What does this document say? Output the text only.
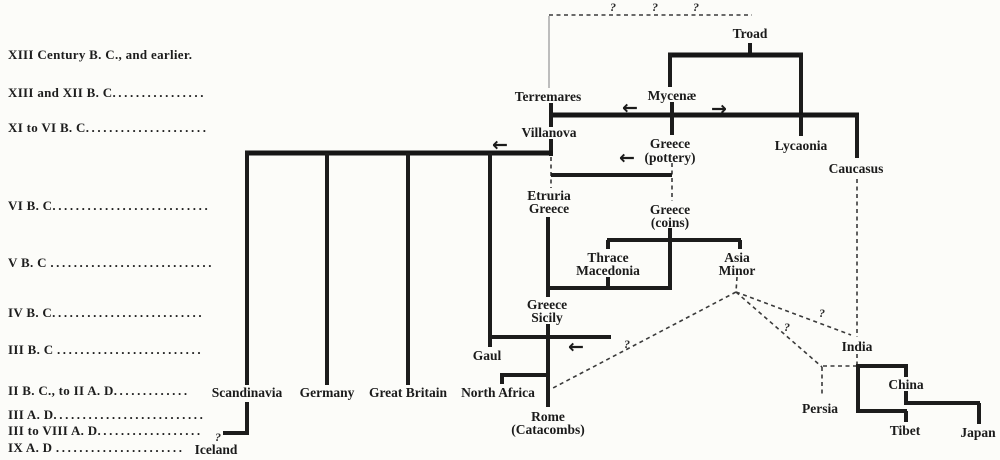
XIII Century B. C., and earlier.
XIII and XII B. C................
XI to VI B. C.....................
VI B. C...........................
V B. C ............................
IV B. C..........................
III B. C .........................
II B. C., to II A. D.............
III A. D..........................
III to VIII A. D..................
IX A. D ......................
←	→
←
←
←
?	?	?
?
?
?
?
Troad
Terremares	Mycenæ
Villanova
Greece
(pottery)
Lycaonia
Caucasus
Etruria
Greece	Greece
(coins)
Thrace
Macedonia
Asia
Minor
Greece
Sicily
Gaul
India
Scandinavia Germany Great Britain North Africa
Rome
(Catacombs)
Persia
China
Tibet	Japan
Iceland
